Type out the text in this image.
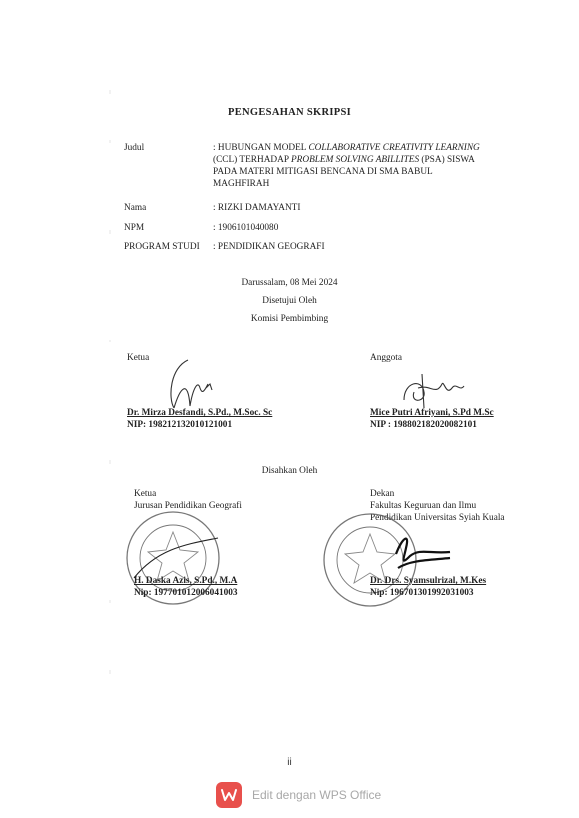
PENGESAHAN SKRIPSI
Judul	: HUBUNGAN MODEL COLLABORATIVE CREATIVITY LEARNING
(CCL) TERHADAP PROBLEM SOLVING ABILLITES (PSA) SISWA
PADA MATERI MITIGASI BENCANA DI SMA BABUL
MAGHFIRAH
Nama	: RIZKI DAMAYANTI
NPM	: 1906101040080
PROGRAM STUDI : PENDIDIKAN GEOGRAFI
Darussalam, 08 Mei 2024
Disetujui Oleh
Komisi Pembimbing
Ketua
Dr. Mirza Desfandi, S.Pd., M.Soc. Sc
NIP: 198212132010121001
Anggota
Mice Putri Afriyani, S.Pd M.Sc
NIP : 198802182020082101
Disahkan Oleh
Ketua
Jurusan Pendidikan Geografi
H. Daska Azis, S.Pd., M.A
Nip: 197701012006041003
Dekan
Fakultas Keguruan dan Ilmu
Pendidikan Universitas Syiah Kuala
Dr. Drs. Syamsulrizal, M.Kes
Nip: 196701301992031003
ii
Edit dengan WPS Office
